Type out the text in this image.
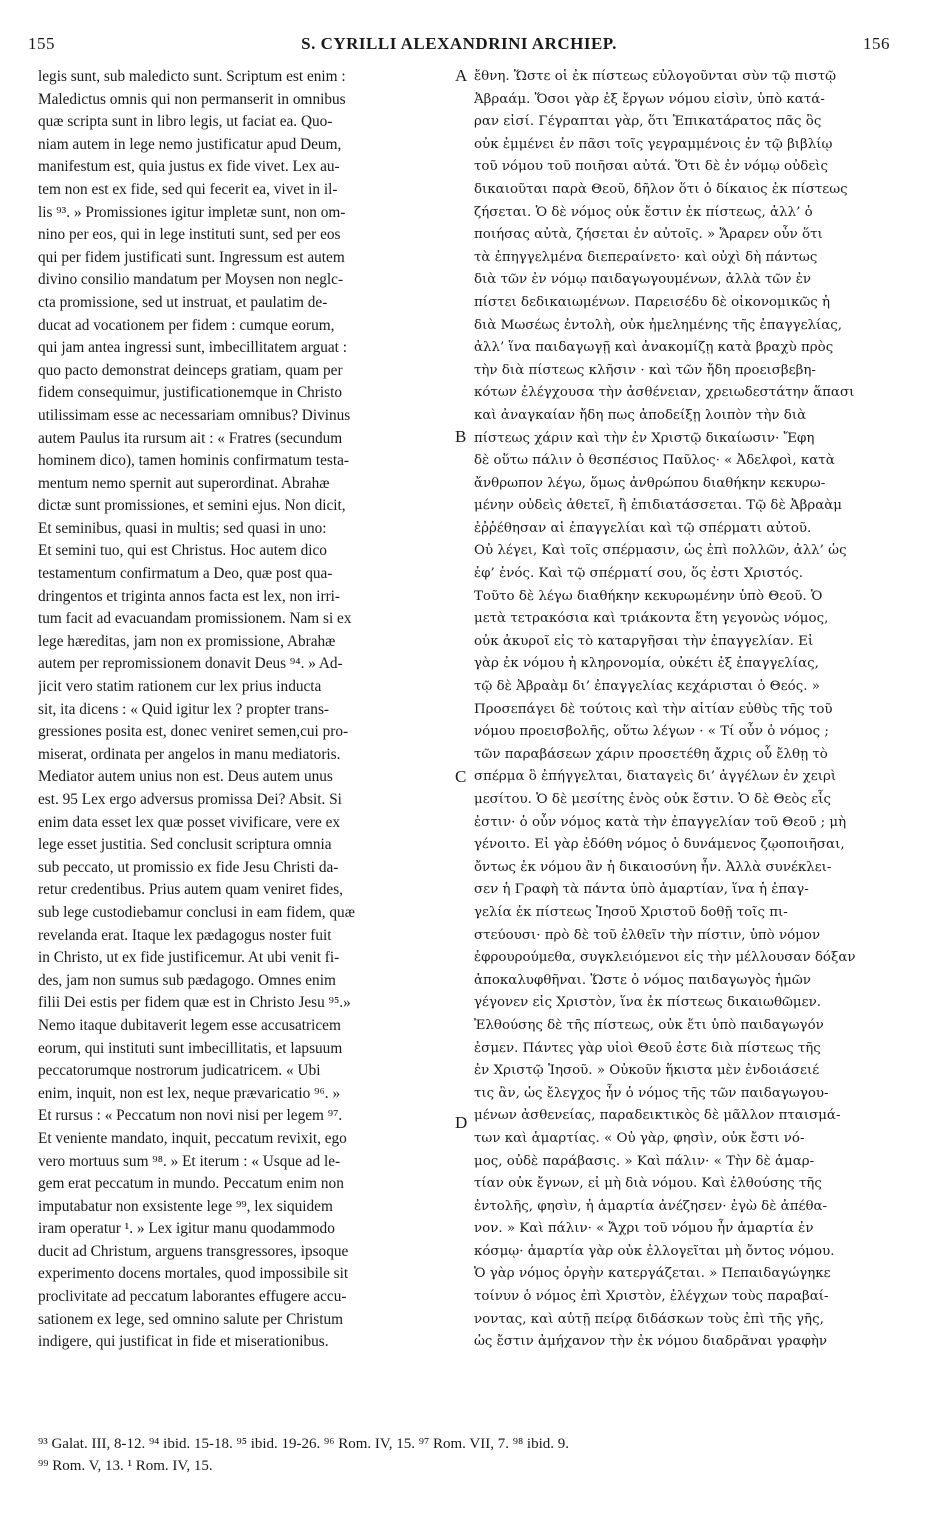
155	S. CYRILLI ALEXANDRINI ARCHIEP.	156
legis sunt, sub maledicto sunt. Scriptum est enim :
Maledictus omnis qui non permanserit in omnibus
quæ scripta sunt in libro legis, ut faciat ea. Quo-
niam autem in lege nemo justificatur apud Deum,
manifestum est, quia justus ex fide vivet. Lex au-
tem non est ex fide, sed qui fecerit ea, vivet in il-
lis ⁹³. » Promissiones igitur impletæ sunt, non om-
nino per eos, qui in lege instituti sunt, sed per eos
qui per fidem justificati sunt. Ingressum est autem
divino consilio mandatum per Moysen non neglc-
cta promissione, sed ut instruat, et paulatim de-
ducat ad vocationem per fidem : cumque eorum,
qui jam antea ingressi sunt, imbecillitatem arguat :
quo pacto demonstrat deinceps gratiam, quam per
fidem consequimur, justificationemque in Christo
utilissimam esse ac necessariam omnibus? Divinus
autem Paulus ita rursum ait : « Fratres (secundum
hominem dico), tamen hominis confirmatum testa-
mentum nemo spernit aut superordinat. Abrahæ
dictæ sunt promissiones, et semini ejus. Non dicit,
Et seminibus, quasi in multis; sed quasi in uno:
Et semini tuo, qui est Christus. Hoc autem dico
testamentum confirmatum a Deo, quæ post qua-
dringentos et triginta annos facta est lex, non irri-
tum facit ad evacuandam promissionem. Nam si ex
lege hæreditas, jam non ex promissione, Abrahæ
autem per repromissionem donavit Deus ⁹⁴. » Ad-
jicit vero statim rationem cur lex prius inducta
sit, ita dicens : « Quid igitur lex ? propter trans-
gressiones posita est, donec veniret semen,cui pro-
miserat, ordinata per angelos in manu mediatoris.
Mediator autem unius non est. Deus autem unus
est. 95 Lex ergo adversus promissa Dei? Absit. Si
enim data esset lex quæ posset vivificare, vere ex
lege esset justitia. Sed conclusit scriptura omnia
sub peccato, ut promissio ex fide Jesu Christi da-
retur credentibus. Prius autem quam veniret fides,
sub lege custodiebamur conclusi in eam fidem, quæ
revelanda erat. Itaque lex pædagogus noster fuit
in Christo, ut ex fide justificemur. At ubi venit fi-
des, jam non sumus sub pædagogo. Omnes enim
filii Dei estis per fidem quæ est in Christo Jesu ⁹⁵.»
Nemo itaque dubitaverit legem esse accusatricem
eorum, qui instituti sunt imbecillitatis, et lapsuum
peccatorumque nostrorum judicatricem. « Ubi
enim, inquit, non est lex, neque prævaricatio ⁹⁶. »
Et rursus : « Peccatum non novi nisi per legem ⁹⁷.
Et veniente mandato, inquit, peccatum revixit, ego
vero mortuus sum ⁹⁸. » Et iterum : « Usque ad le-
gem erat peccatum in mundo. Peccatum enim non
imputabatur non exsistente lege ⁹⁹, lex siquidem
iram operatur ¹. » Lex igitur manu quodammodo
ducit ad Christum, arguens transgressores, ipsoque
experimento docens mortales, quod impossibile sit
proclivitate ad peccatum laborantes effugere accu-
sationem ex lege, sed omnino salute per Christum
indigere, qui justificat in fide et miserationibus.
ἔθνη. Ὥστε οἱ ἐκ πίστεως εὐλογοῦνται σὺν τῷ πιστῷ
Ἀβραάμ. Ὅσοι γὰρ ἐξ ἔργων νόμου εἰσὶν, ὑπὸ κατά-
ραν εἰσί. Γέγραπται γὰρ, ὅτι Ἐπικατάρατος πᾶς ὃς
οὐκ ἐμμένει ἐν πᾶσι τοῖς γεγραμμένοις ἐν τῷ βιβλίῳ
τοῦ νόμου τοῦ ποιῆσαι αὐτά. Ὅτι δὲ ἐν νόμῳ οὐδεὶς
δικαιοῦται παρὰ Θεοῦ, δῆλον ὅτι ὁ δίκαιος ἐκ πίστεως
ζήσεται. Ὁ δὲ νόμος οὐκ ἔστιν ἐκ πίστεως, ἀλλ’ ὁ
ποιήσας αὐτὰ, ζήσεται ἐν αὐτοῖς. » Ἄραρεν οὖν ὅτι
τὰ ἐπηγγελμένα διεπεραίνετο· καὶ οὐχὶ δὴ πάντως
διὰ τῶν ἐν νόμῳ παιδαγωγουμένων, ἀλλὰ τῶν ἐν
πίστει δεδικαιωμένων. Παρεισέδυ δὲ οἰκονομικῶς ἡ
διὰ Μωσέως ἐντολὴ, οὐκ ἠμελημένης τῆς ἐπαγγελίας,
ἀλλ’ ἵνα παιδαγωγῇ καὶ ἀνακομίζῃ κατὰ βραχὺ πρὸς
τὴν διὰ πίστεως κλῆσιν · καὶ τῶν ἤδη προεισβεβη-
κότων ἐλέγχουσα τὴν ἀσθένειαν, χρειωδεστάτην ἅπασι
καὶ ἀναγκαίαν ἤδη πως ἀποδείξῃ λοιπὸν τὴν διὰ
πίστεως χάριν καὶ τὴν ἐν Χριστῷ δικαίωσιν· Ἔφη
δὲ οὕτω πάλιν ὁ θεσπέσιος Παῦλος· « Ἀδελφοὶ, κατὰ
ἄνθρωπον λέγω, ὅμως ἀνθρώπου διαθήκην κεκυρω-
μένην οὐδεὶς ἀθετεῖ, ἢ ἐπιδιατάσσεται. Τῷ δὲ Ἀβραὰμ
ἐῤῥέθησαν αἱ ἐπαγγελίαι καὶ τῷ σπέρματι αὐτοῦ.
Οὐ λέγει, Καὶ τοῖς σπέρμασιν, ὡς ἐπὶ πολλῶν, ἀλλ’ ὡς
ἐφ’ ἑνός. Καὶ τῷ σπέρματί σου, ὅς ἐστι Χριστός.
Τοῦτο δὲ λέγω διαθήκην κεκυρωμένην ὑπὸ Θεοῦ. Ὁ
μετὰ τετρακόσια καὶ τριάκοντα ἔτη γεγονὼς νόμος,
οὐκ ἀκυροῖ εἰς τὸ καταργῆσαι τὴν ἐπαγγελίαν. Εἰ
γὰρ ἐκ νόμου ἡ κληρονομία, οὐκέτι ἐξ ἐπαγγελίας,
τῷ δὲ Ἀβραὰμ δι’ ἐπαγγελίας κεχάρισται ὁ Θεός. »
Προσεπάγει δὲ τούτοις καὶ τὴν αἰτίαν εὐθὺς τῆς τοῦ
νόμου προεισβολῆς, οὕτω λέγων · « Τί οὖν ὁ νόμος ;
τῶν παραβάσεων χάριν προσετέθη ἄχρις οὗ ἔλθῃ τὸ
σπέρμα ὃ ἐπήγγελται, διαταγεὶς δι’ ἀγγέλων ἐν χειρὶ
μεσίτου. Ὁ δὲ μεσίτης ἑνὸς οὐκ ἔστιν. Ὁ δὲ Θεὸς εἷς
ἐστιν· ὁ οὖν νόμος κατὰ τὴν ἐπαγγελίαν τοῦ Θεοῦ ; μὴ
γένοιτο. Εἰ γὰρ ἐδόθη νόμος ὁ δυνάμενος ζῳοποιῆσαι,
ὄντως ἐκ νόμου ἂν ἡ δικαιοσύνη ἦν. Ἀλλὰ συνέκλει-
σεν ἡ Γραφὴ τὰ πάντα ὑπὸ ἁμαρτίαν, ἵνα ἡ ἐπαγ-
γελία ἐκ πίστεως Ἰησοῦ Χριστοῦ δοθῇ τοῖς πι-
στεύουσι· πρὸ δὲ τοῦ ἐλθεῖν τὴν πίστιν, ὑπὸ νόμον
ἐφρουρούμεθα, συγκλειόμενοι εἰς τὴν μέλλουσαν δόξαν
ἀποκαλυφθῆναι. Ὥστε ὁ νόμος παιδαγωγὸς ἡμῶν
γέγονεν εἰς Χριστὸν, ἵνα ἐκ πίστεως δικαιωθῶμεν.
Ἐλθούσης δὲ τῆς πίστεως, οὐκ ἔτι ὑπὸ παιδαγωγόν
ἐσμεν. Πάντες γὰρ υἱοὶ Θεοῦ ἐστε διὰ πίστεως τῆς
ἐν Χριστῷ Ἰησοῦ. » Οὐκοῦν ἥκιστα μὲν ἐνδοιάσειέ
τις ἂν, ὡς ἔλεγχος ἦν ὁ νόμος τῆς τῶν παιδαγωγου-
μένων ἀσθενείας, παραδεικτικὸς δὲ μᾶλλον πταισμά-
των καὶ ἁμαρτίας. « Οὐ γὰρ, φησὶν, οὐκ ἔστι νό-
μος, οὐδὲ παράβασις. » Καὶ πάλιν· « Τὴν δὲ ἁμαρ-
τίαν οὐκ ἔγνων, εἰ μὴ διὰ νόμου. Καὶ ἐλθούσης τῆς
ἐντολῆς, φησὶν, ἡ ἁμαρτία ἀνέζησεν· ἐγὼ δὲ ἀπέθα-
νον. » Καὶ πάλιν· « Ἄχρι τοῦ νόμου ἦν ἁμαρτία ἐν
κόσμῳ· ἁμαρτία γὰρ οὐκ ἐλλογεῖται μὴ ὄντος νόμου.
Ὁ γὰρ νόμος ὀργὴν κατεργάζεται. » Πεπαιδαγώγηκε
τοίνυν ὁ νόμος ἐπὶ Χριστὸν, ἐλέγχων τοὺς παραβαί-
νοντας, καὶ αὐτῇ πείρᾳ διδάσκων τοὺς ἐπὶ τῆς γῆς,
ὡς ἔστιν ἀμήχανον τὴν ἐκ νόμου διαδρᾶναι γραφὴν
A
B
C
D
⁹³ Galat. III, 8-12. ⁹⁴ ibid. 15-18. ⁹⁵ ibid. 19-26. ⁹⁶ Rom. IV, 15. ⁹⁷ Rom. VII, 7. ⁹⁸ ibid. 9.
⁹⁹ Rom. V, 13. ¹ Rom. IV, 15.
